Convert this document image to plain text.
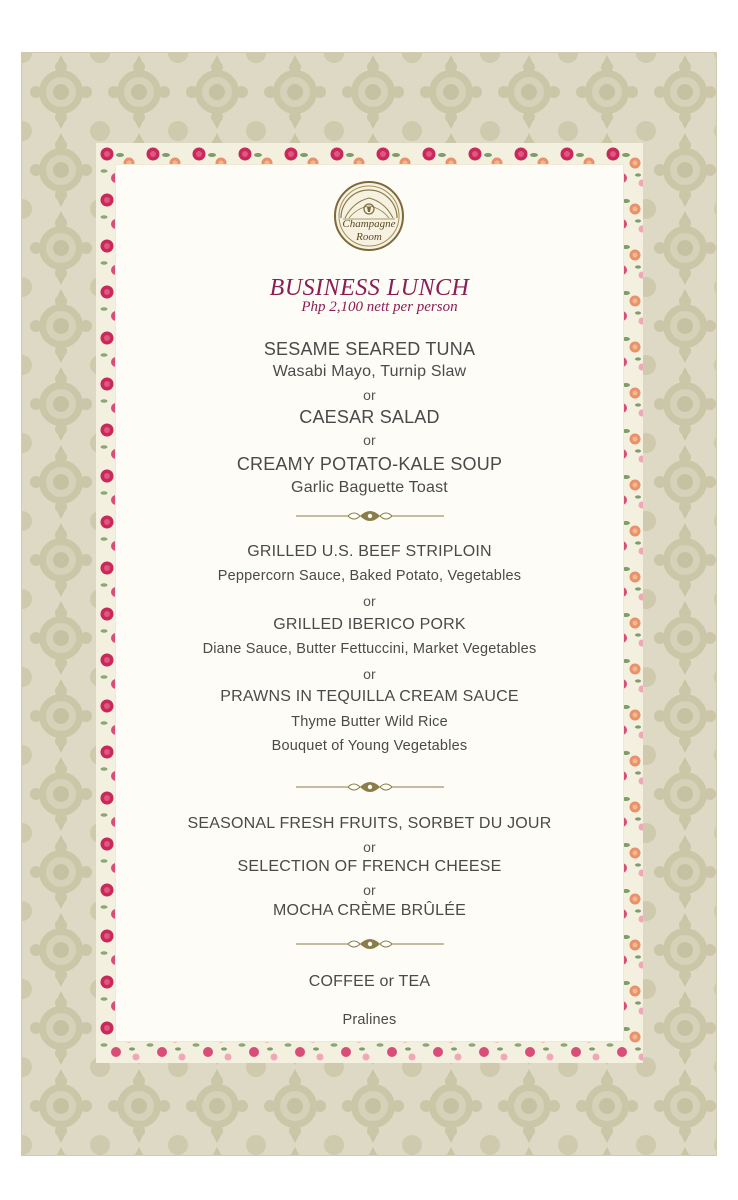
Champagne
Room
BUSINESS LUNCH
Php 2,100 nett per person
SESAME SEARED TUNA
Wasabi Mayo, Turnip Slaw
or
CAESAR SALAD
or
CREAMY POTATO-KALE SOUP
Garlic Baguette Toast
GRILLED U.S. BEEF STRIPLOIN
Peppercorn Sauce, Baked Potato, Vegetables
or
GRILLED IBERICO PORK
Diane Sauce, Butter Fettuccini, Market Vegetables
or
PRAWNS IN TEQUILLA CREAM SAUCE
Thyme Butter Wild Rice
Bouquet of Young Vegetables
SEASONAL FRESH FRUITS, SORBET DU JOUR
or
SELECTION OF FRENCH CHEESE
or
MOCHA CRÈME BRÛLÉE
COFFEE or TEA
Pralines
